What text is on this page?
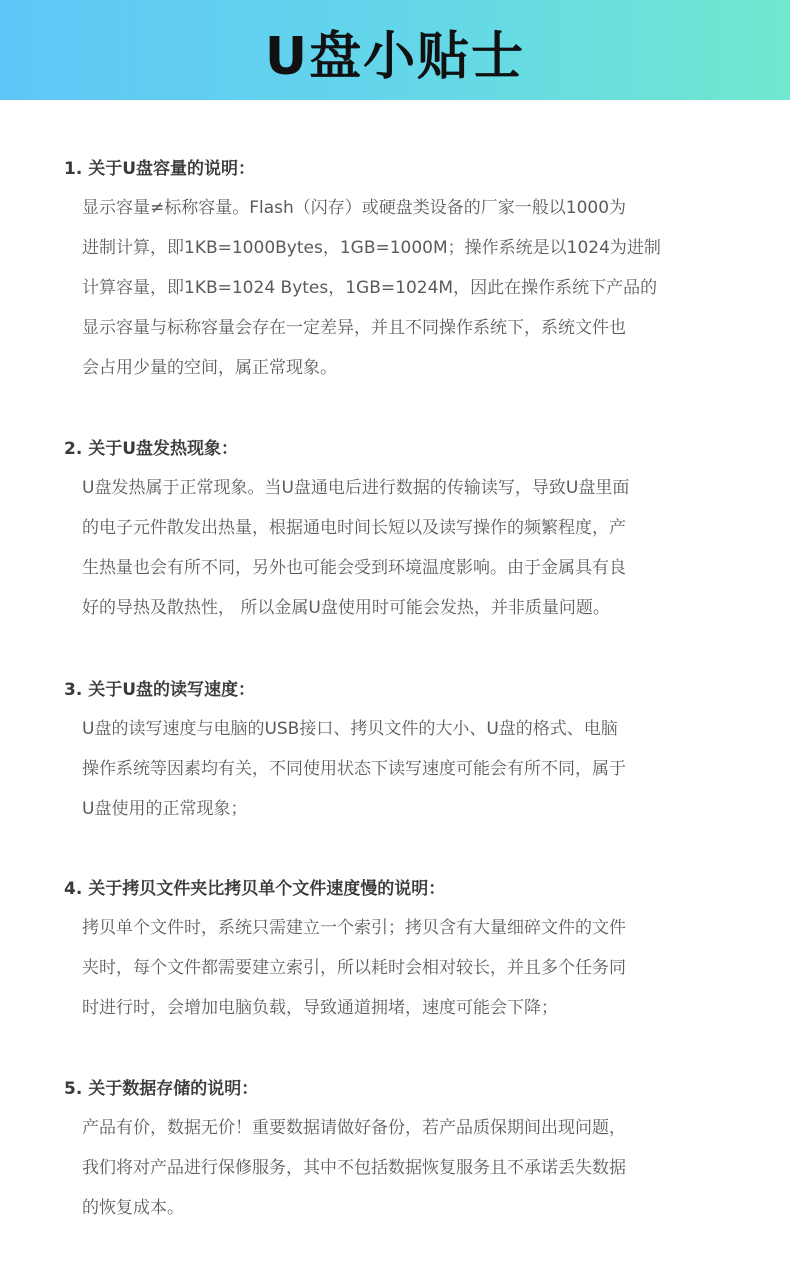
U盘小贴士
1. 关于U盘容量的说明：
显示容量≠标称容量。Flash（闪存）或硬盘类设备的厂家一般以1000为
进制计算，即1KB=1000Bytes，1GB=1000M；操作系统是以1024为进制
计算容量，即1KB=1024 Bytes，1GB=1024M，因此在操作系统下产品的
显示容量与标称容量会存在一定差异，并且不同操作系统下，系统文件也
会占用少量的空间，属正常现象。
2. 关于U盘发热现象：
U盘发热属于正常现象。当U盘通电后进行数据的传输读写，导致U盘里面
的电子元件散发出热量，根据通电时间长短以及读写操作的频繁程度，产
生热量也会有所不同，另外也可能会受到环境温度影响。由于金属具有良
好的导热及散热性， 所以金属U盘使用时可能会发热，并非质量问题。
3. 关于U盘的读写速度：
U盘的读写速度与电脑的USB接口、拷贝文件的大小、U盘的格式、电脑
操作系统等因素均有关，不同使用状态下读写速度可能会有所不同，属于
U盘使用的正常现象；
4. 关于拷贝文件夹比拷贝单个文件速度慢的说明：
拷贝单个文件时，系统只需建立一个索引；拷贝含有大量细碎文件的文件
夹时，每个文件都需要建立索引，所以耗时会相对较长，并且多个任务同
时进行时，会增加电脑负载，导致通道拥堵，速度可能会下降；
5. 关于数据存储的说明：
产品有价，数据无价！重要数据请做好备份，若产品质保期间出现问题，
我们将对产品进行保修服务，其中不包括数据恢复服务且不承诺丢失数据
的恢复成本。
